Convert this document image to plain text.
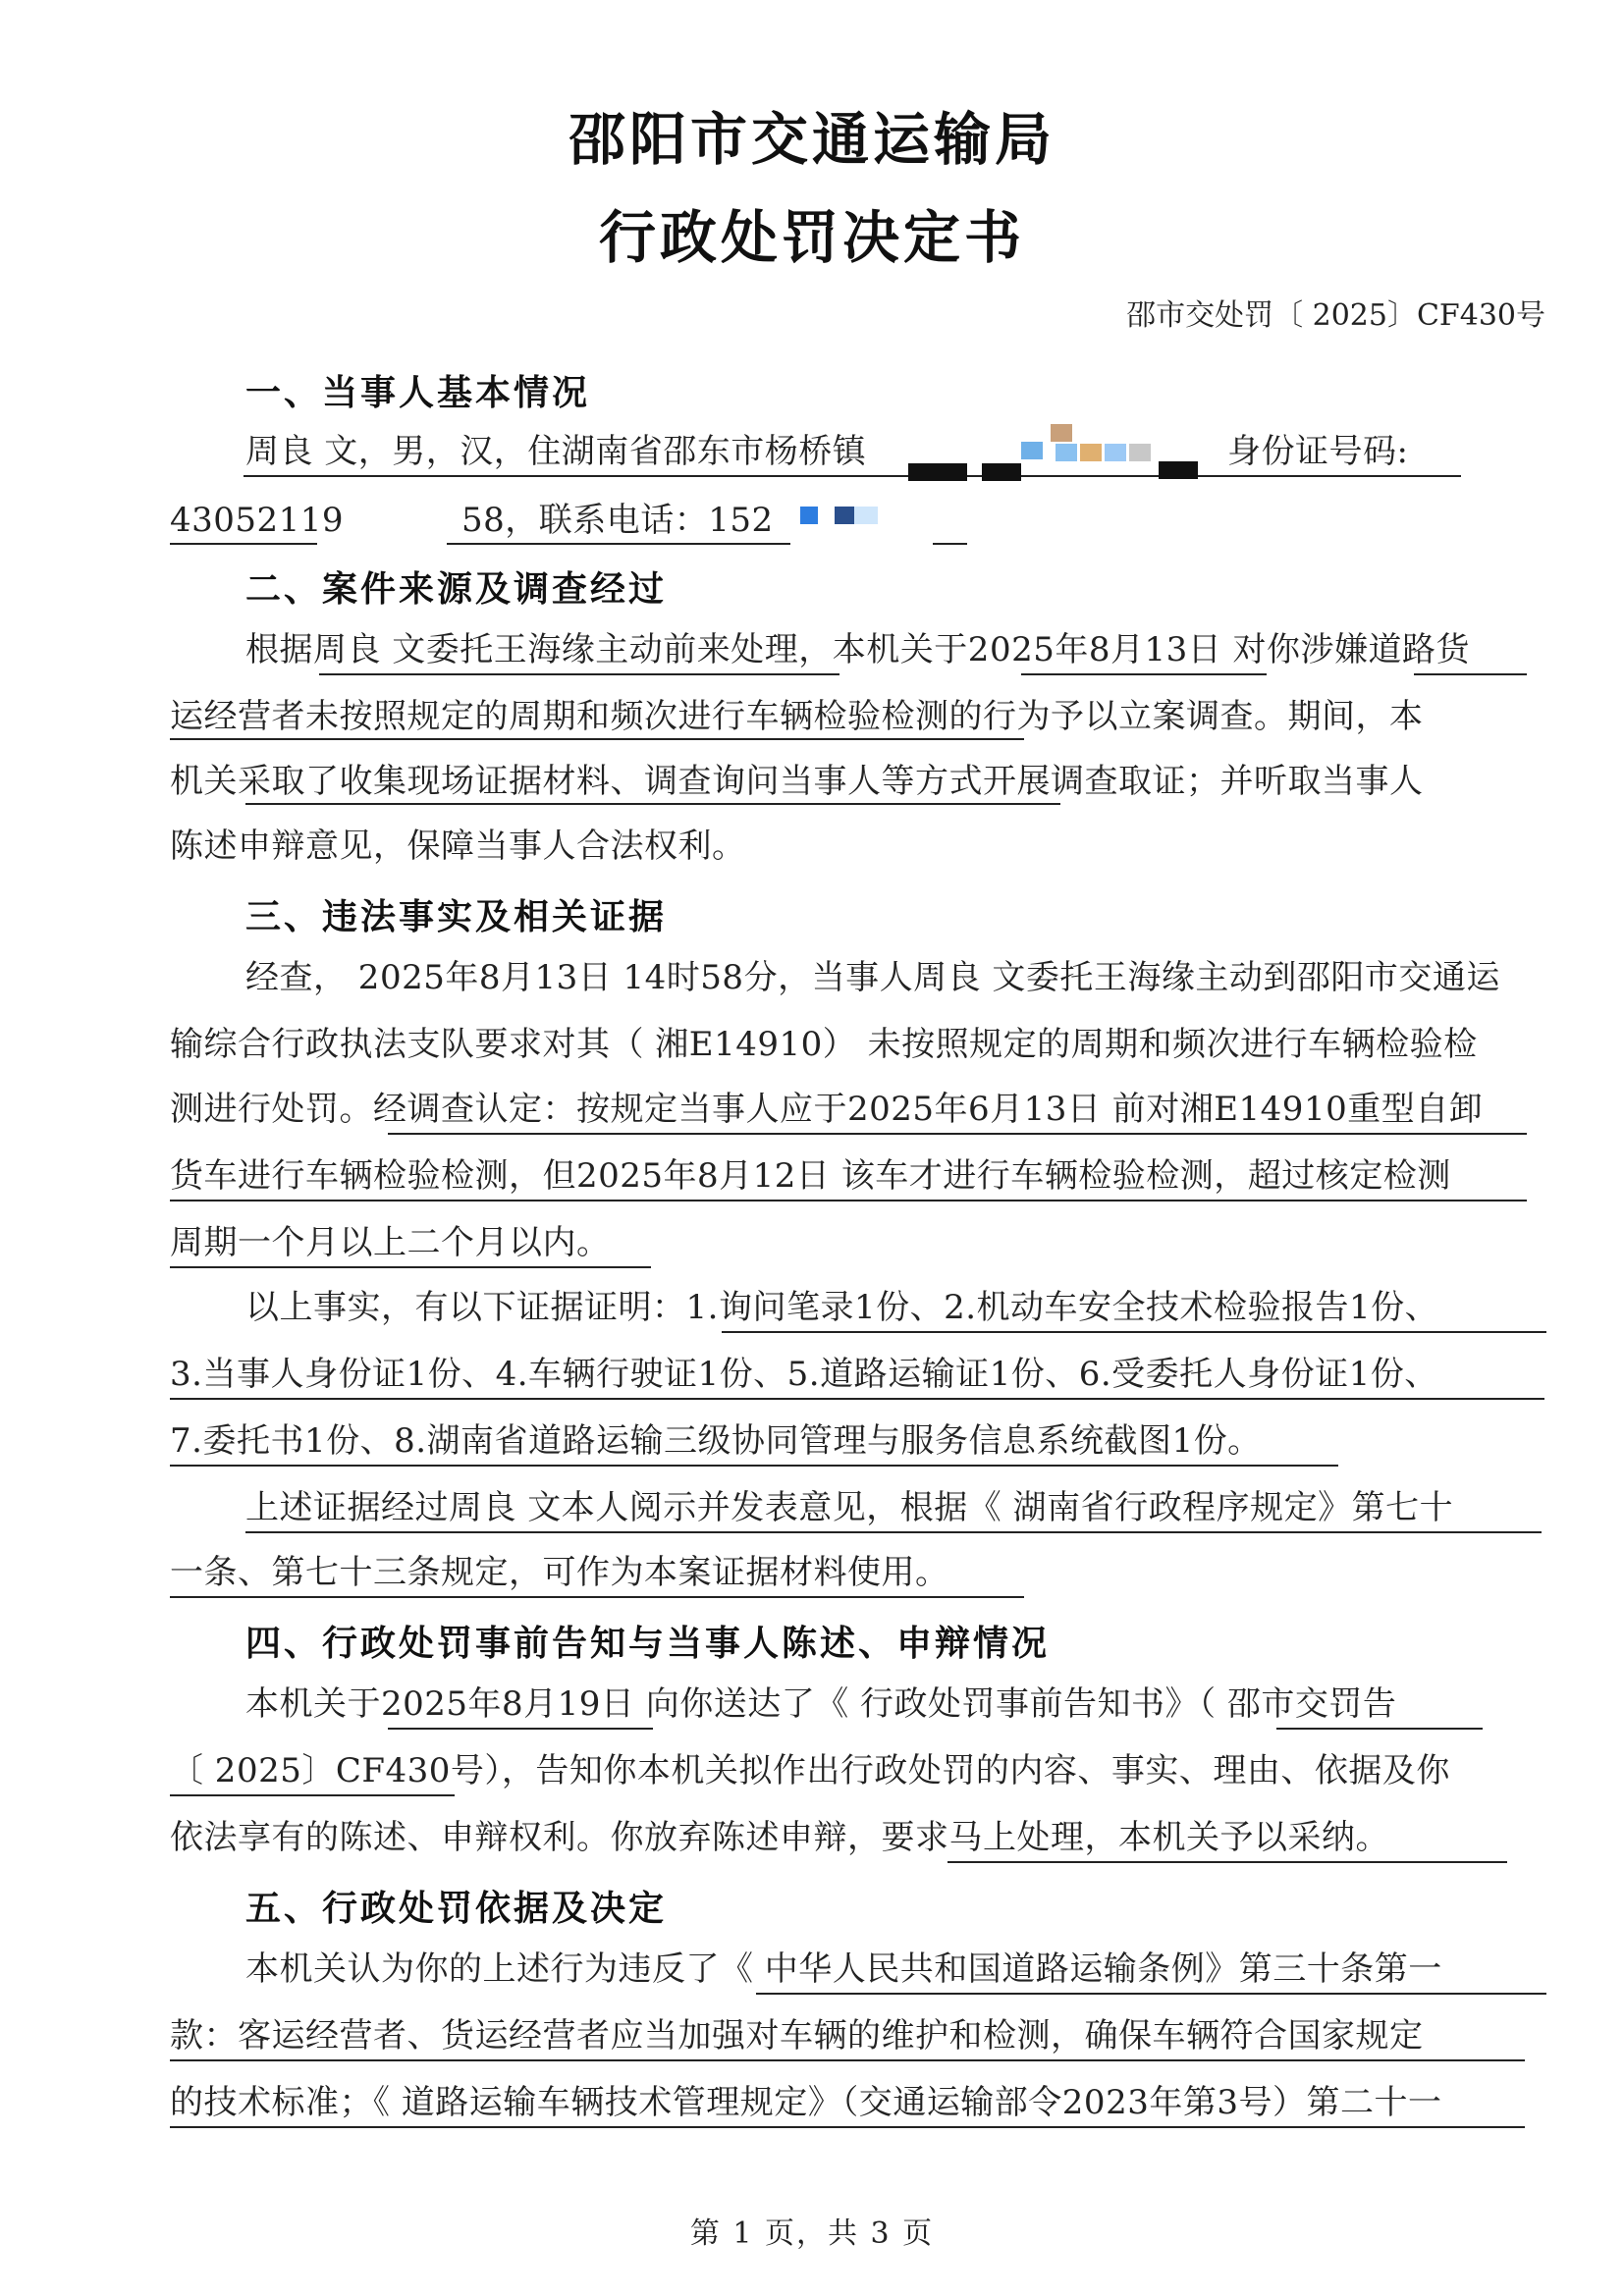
邵阳市交通运输局
行政处罚决定书
邵市交处罚〔 2025〕CF430号
一、当事人基本情况
周良 文，男，汉，住湖南省邵东市杨桥镇	身份证号码:
43052119	58，联系电话：152
二、案件来源及调查经过
根据周良 文委托王海缘主动前来处理，本机关于2025年8月13日 对你涉嫌道路货
运经营者未按照规定的周期和频次进行车辆检验检测的行为予以立案调查。期间，本
机关采取了收集现场证据材料、调查询问当事人等方式开展调查取证；并听取当事人
陈述申辩意见，保障当事人合法权利。
三、违法事实及相关证据
经查， 2025年8月13日 14时58分，当事人周良 文委托王海缘主动到邵阳市交通运
输综合行政执法支队要求对其（ 湘E14910） 未按照规定的周期和频次进行车辆检验检
测进行处罚。经调查认定：按规定当事人应于2025年6月13日 前对湘E14910重型自卸
货车进行车辆检验检测，但2025年8月12日 该车才进行车辆检验检测，超过核定检测
周期一个月以上二个月以内。
以上事实，有以下证据证明：1.询问笔录1份、2.机动车安全技术检验报告1份、
3.当事人身份证1份、4.车辆行驶证1份、5.道路运输证1份、6.受委托人身份证1份、
7.委托书1份、8.湖南省道路运输三级协同管理与服务信息系统截图1份。
上述证据经过周良 文本人阅示并发表意见，根据《 湖南省行政程序规定》第七十
一条、第七十三条规定，可作为本案证据材料使用。
四、行政处罚事前告知与当事人陈述、申辩情况
本机关于2025年8月19日 向你送达了《 行政处罚事前告知书》（ 邵市交罚告
〔 2025〕CF430号），告知你本机关拟作出行政处罚的内容、事实、理由、依据及你
依法享有的陈述、申辩权利。你放弃陈述申辩，要求马上处理，本机关予以采纳。
五、行政处罚依据及决定
本机关认为你的上述行为违反了《 中华人民共和国道路运输条例》第三十条第一
款：客运经营者、货运经营者应当加强对车辆的维护和检测，确保车辆符合国家规定
的技术标准；《 道路运输车辆技术管理规定》（交通运输部令2023年第3号）第二十一
第 1 页，共 3 页
